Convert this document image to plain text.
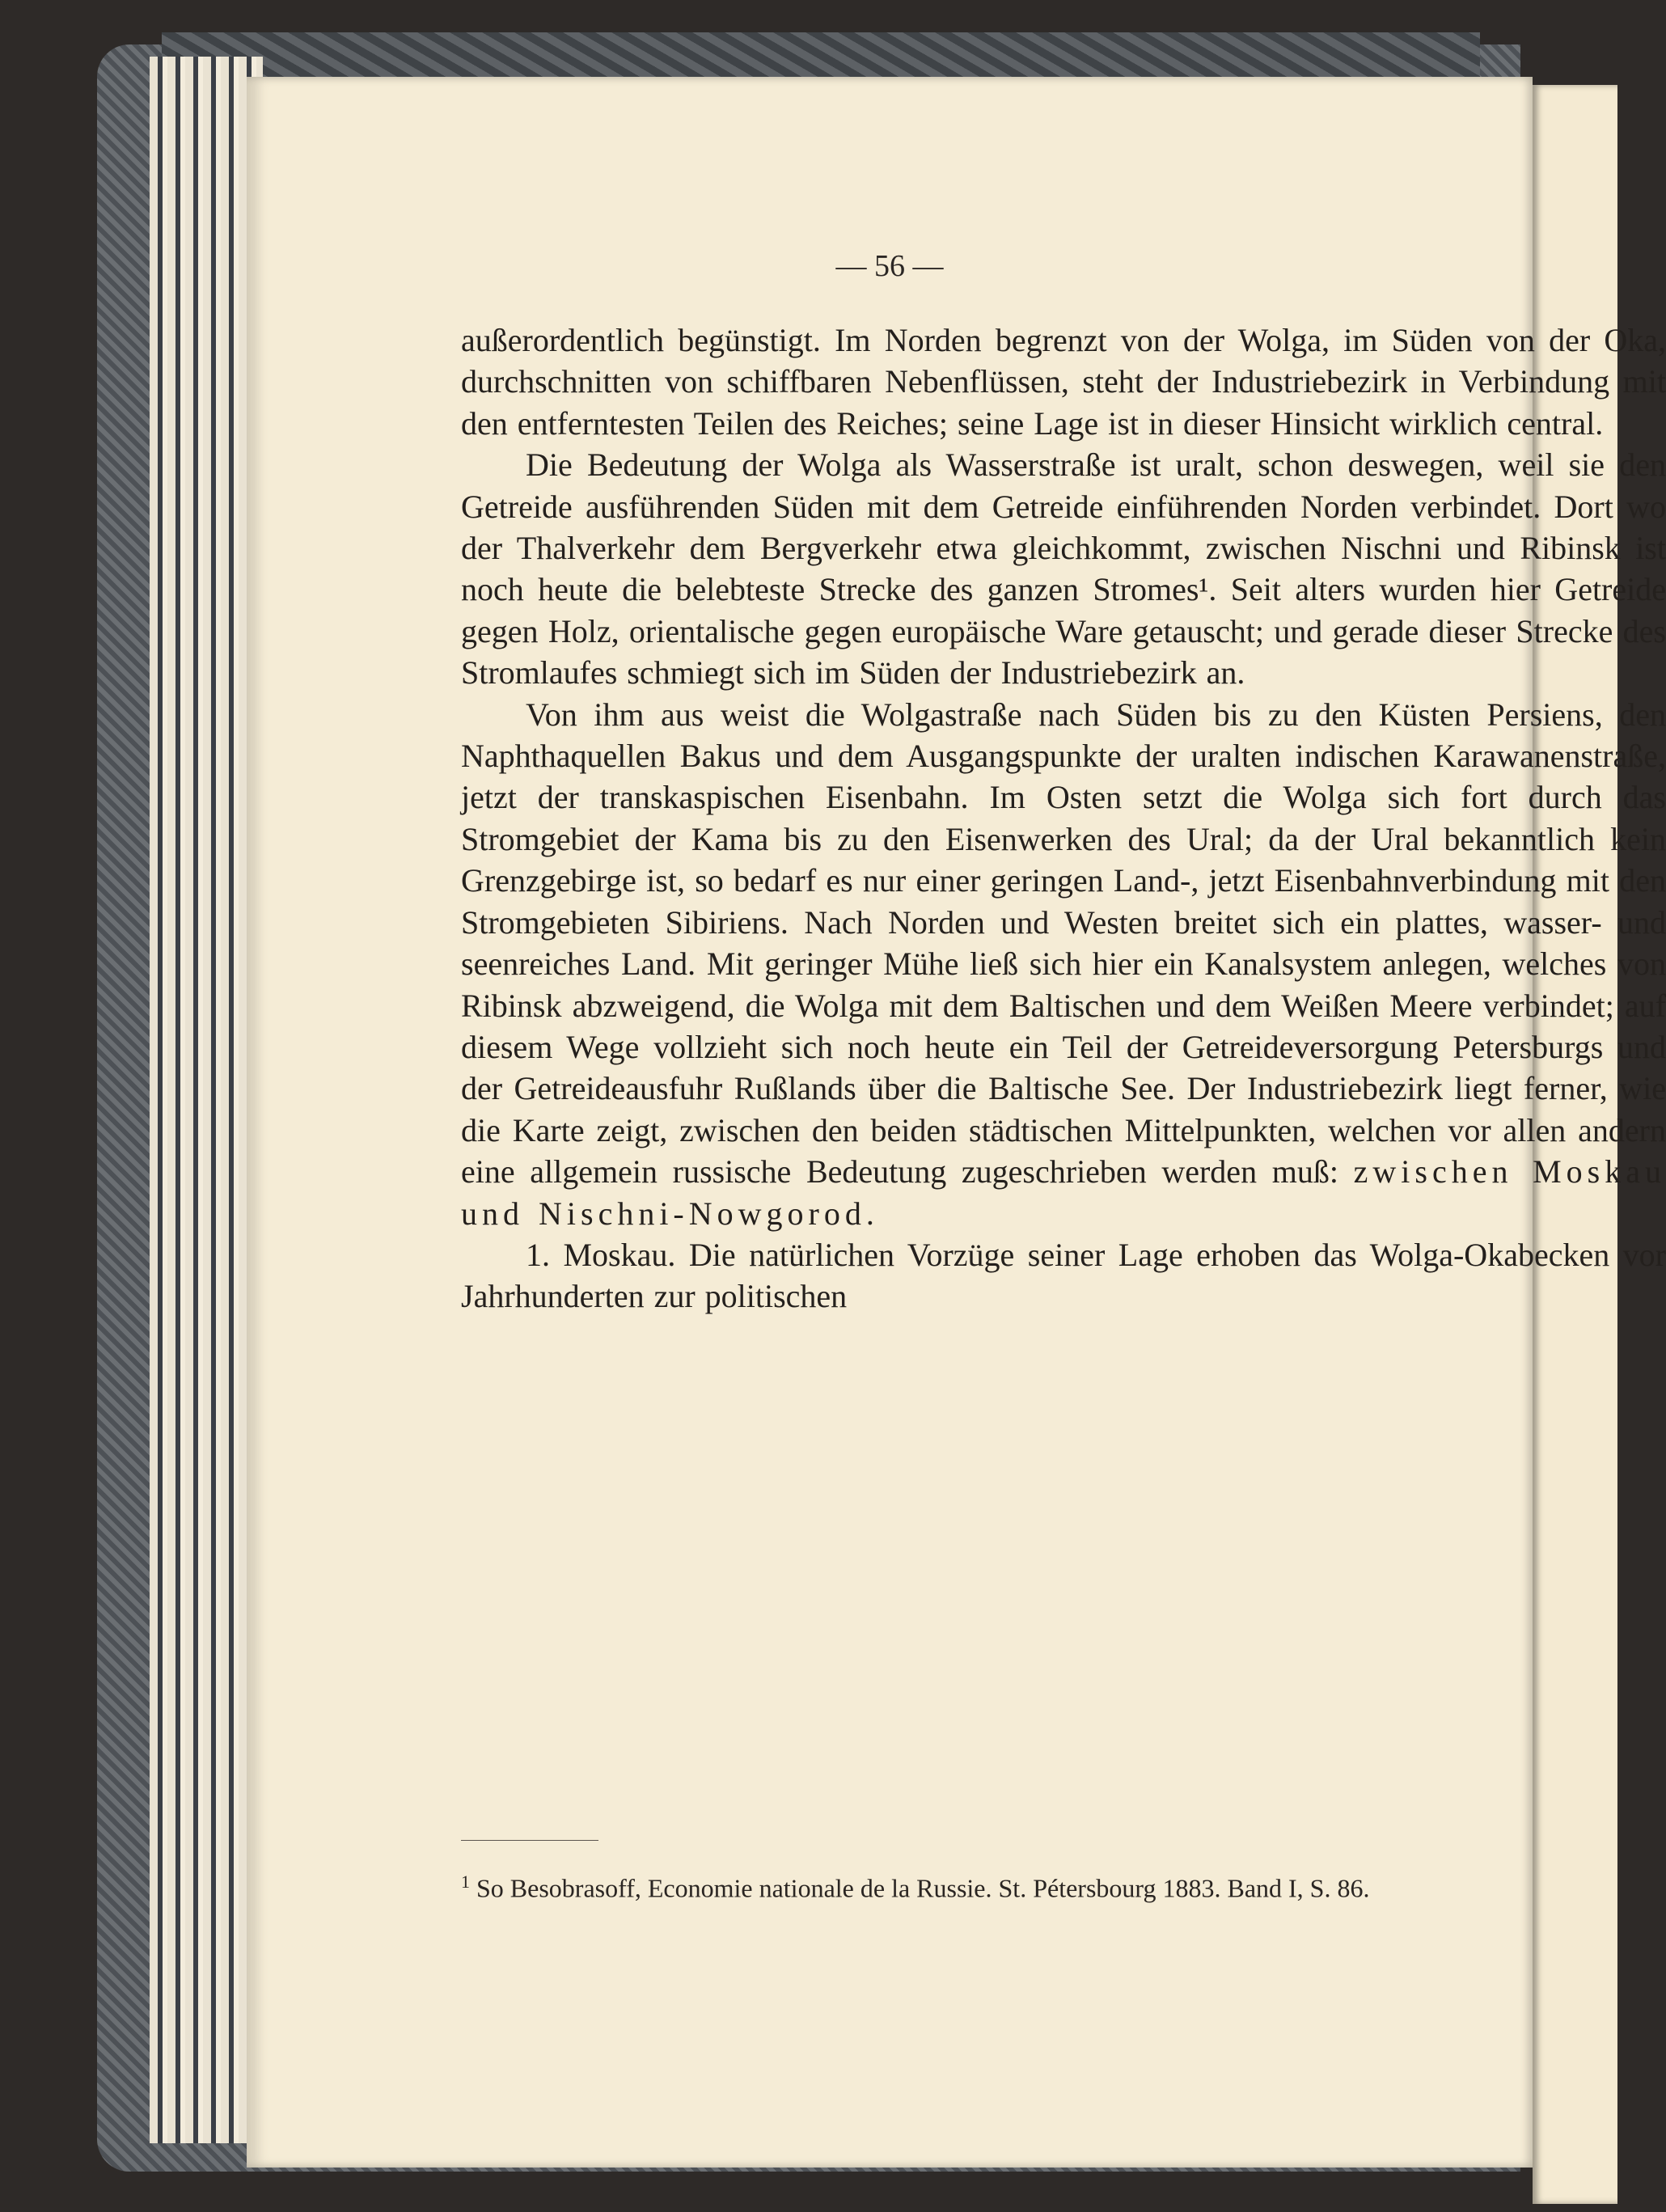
— 56 —

außerordentlich begünstigt. Im Norden begrenzt von der Wolga, im Süden von der Oka, durchschnitten von schiffbaren Nebenflüssen, steht der Industriebezirk in Verbindung mit den entferntesten Teilen des Reiches; seine Lage ist in dieser Hinsicht wirklich central.

Die Bedeutung der Wolga als Wasserstraße ist uralt, schon deswegen, weil sie den Getreide ausführenden Süden mit dem Getreide einführenden Norden verbindet. Dort wo der Thalverkehr dem Bergverkehr etwa gleichkommt, zwischen Nischni und Ribinsk ist noch heute die belebteste Strecke des ganzen Stromes¹. Seit alters wurden hier Getreide gegen Holz, orientalische gegen europäische Ware getauscht; und gerade dieser Strecke des Stromlaufes schmiegt sich im Süden der Industriebezirk an.

Von ihm aus weist die Wolgastraße nach Süden bis zu den Küsten Persiens, den Naphthaquellen Bakus und dem Ausgangspunkte der uralten indischen Karawanenstraße, jetzt der transkaspischen Eisenbahn. Im Osten setzt die Wolga sich fort durch das Stromgebiet der Kama bis zu den Eisenwerken des Ural; da der Ural bekanntlich kein Grenzgebirge ist, so bedarf es nur einer geringen Land-, jetzt Eisenbahnverbindung mit den Stromgebieten Sibiriens. Nach Norden und Westen breitet sich ein plattes, wasser- und seenreiches Land. Mit geringer Mühe ließ sich hier ein Kanalsystem anlegen, welches von Ribinsk abzweigend, die Wolga mit dem Baltischen und dem Weißen Meere verbindet; auf diesem Wege vollzieht sich noch heute ein Teil der Getreideversorgung Petersburgs und der Getreideausfuhr Rußlands über die Baltische See. Der Industriebezirk liegt ferner, wie die Karte zeigt, zwischen den beiden städtischen Mittelpunkten, welchen vor allen andern eine allgemein russische Bedeutung zugeschrieben werden muß: zwischen Moskau und Nischni-Nowgorod.

1. Moskau. Die natürlichen Vorzüge seiner Lage erhoben das Wolga-Okabecken vor Jahrhunderten zur politischen

$^1$ So Besobrasoff, Economie nationale de la Russie. St. Pétersbourg 1883. Band I, S. 86.
